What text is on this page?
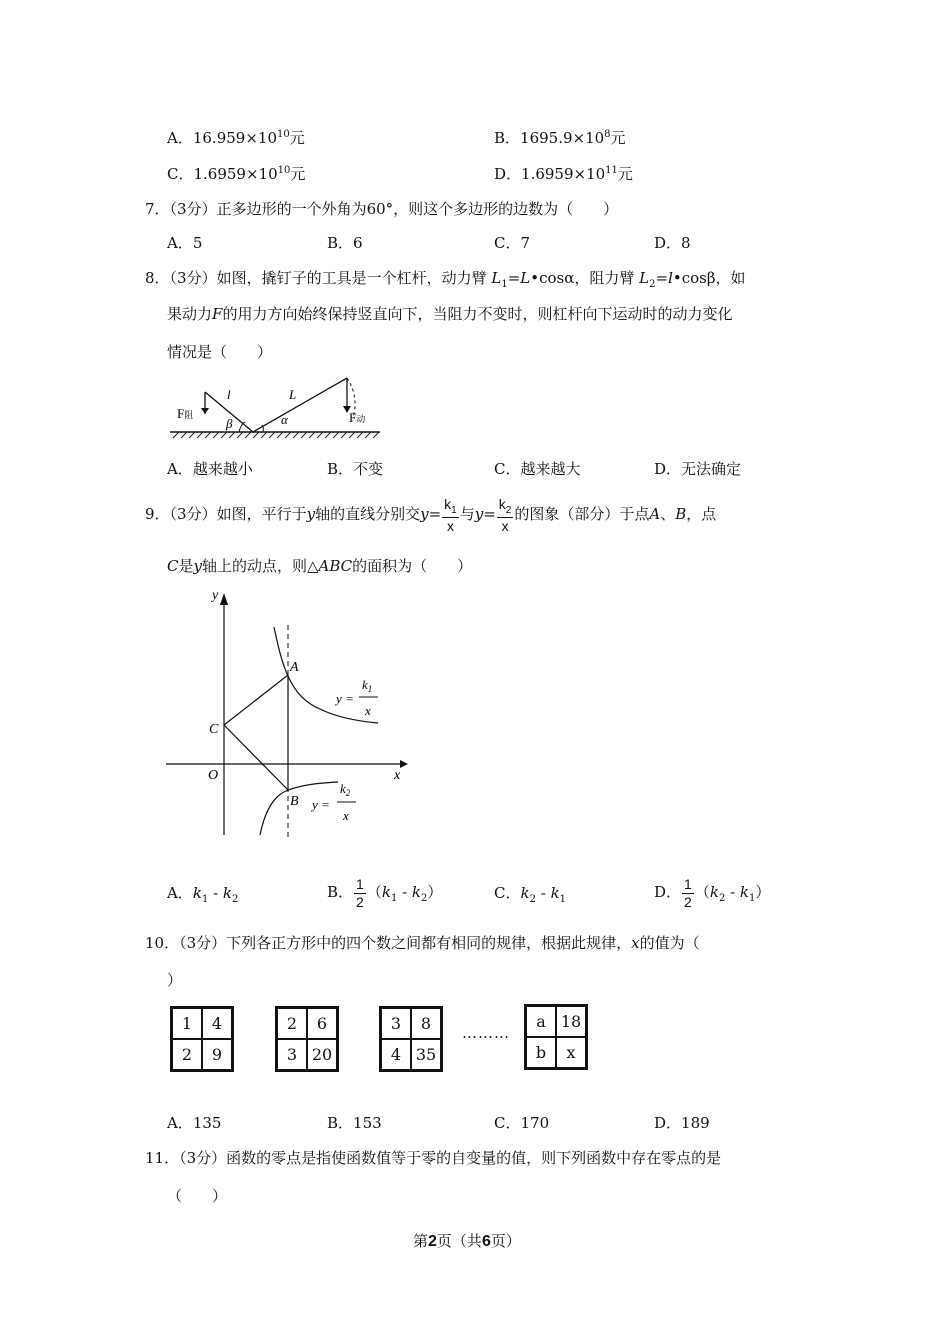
A．$16.959\times 10^{10}$元	B．$1695.9\times 10^8$元
C．$1.6959\times 10^{10}$元	D．$1.6959\times 10^{11}$元
7．（3分）正多边形的一个外角为60°，则这个多边形的边数为（　　）
A．5	B．6	C．7	D．8
8．（3分）如图，撬钉子的工具是一个杠杆，动力臂 $L_1=L•\cos\alpha$，阻力臂 $L_2=l•\cos\beta$，如
果动力F的用力方向始终保持竖直向下，当阻力不变时，则杠杆向下运动时的动力变化
情况是（　　）
F阻
l	L
β	α	F动
A．越来越小	B．不变	C．越来越大	D．无法确定
9．（3分）如图，平行于y轴的直线分别交$y= \frac{k_1}{x}$ 与$y= \frac{k_2}{x}$ 的图象（部分）于点A、B，点
C是y轴上的动点，则△ABC的面积为（　　）
y
x
O
A
B
C
y =
$k_1$
x
y =
$k_2$
x
A．$k_1 - k_2$	B． $\frac{1}{2} (k_1 - k_2)$	C．$k_2 - k_1$	D． $\frac{1}{2} (k_2 - k_1)$
10．（3分）下列各正方形中的四个数之间都有相同的规律，根据此规律，x的值为（
）
1	4
2	9
2	6
3 20
3	8
4 35
………
a 18
b	x
A．135	B．153	C．170	D．189
11．（3分）函数的零点是指使函数值等于零的自变量的值，则下列函数中存在零点的是
（　　）
第2页（共6页）
